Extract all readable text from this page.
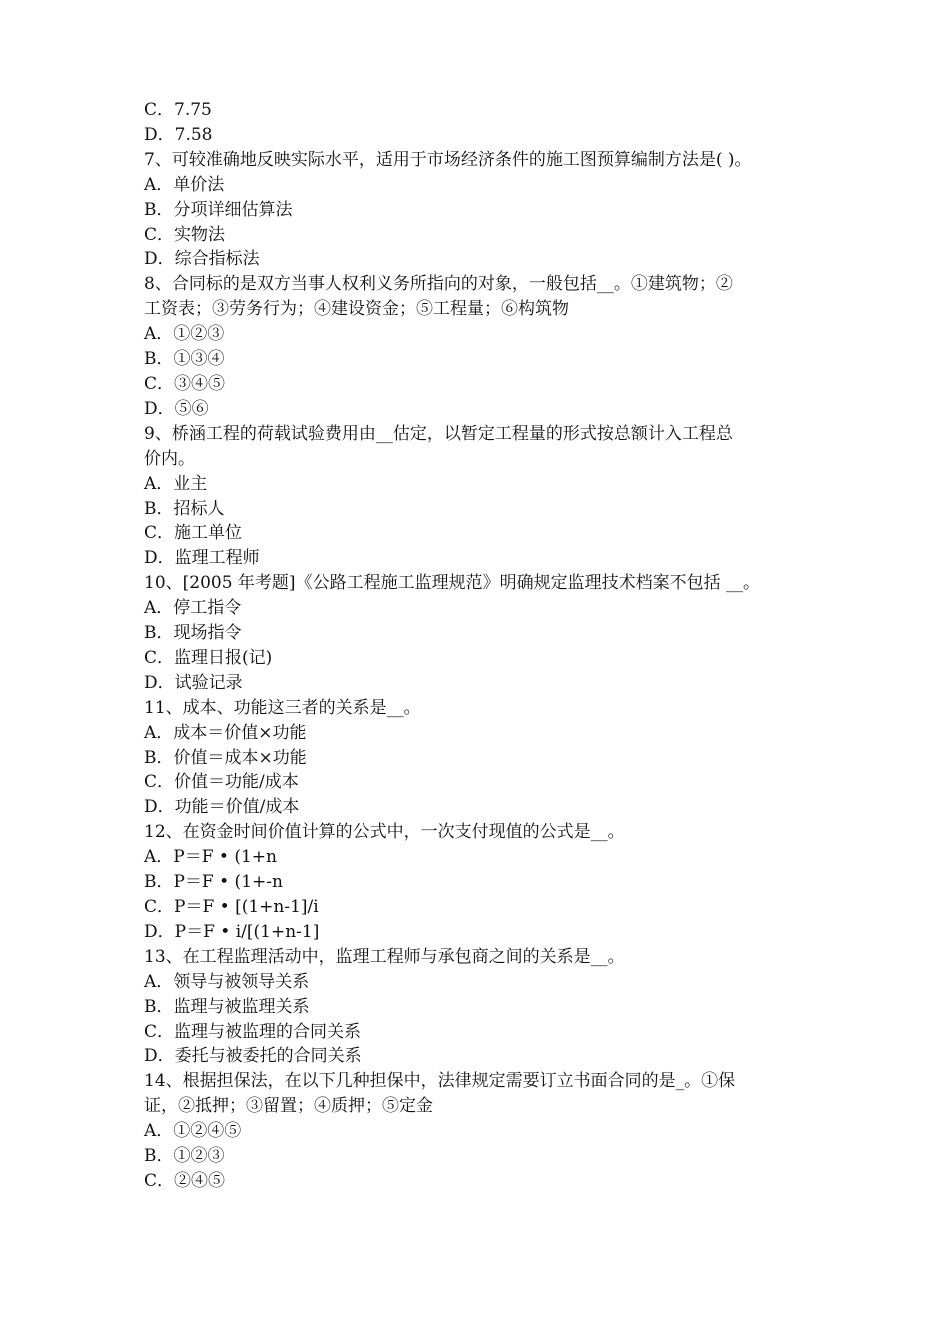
C．7.75
D．7.58
7、可较准确地反映实际水平，适用于市场经济条件的施工图预算编制方法是( )。
A．单价法
B．分项详细估算法
C．实物法
D．综合指标法
8、合同标的是双方当事人权利义务所指向的对象，一般包括__。①建筑物；②
工资表；③劳务行为；④建设资金；⑤工程量；⑥构筑物
A．①②③
B．①③④
C．③④⑤
D．⑤⑥
9、桥涵工程的荷载试验费用由__估定，以暂定工程量的形式按总额计入工程总
价内。
A．业主
B．招标人
C．施工单位
D．监理工程师
10、[2005 年考题]《公路工程施工监理规范》明确规定监理技术档案不包括 __。
A．停工指令
B．现场指令
C．监理日报(记)
D．试验记录
11、成本、功能这三者的关系是__。
A．成本＝价值×功能
B．价值＝成本×功能
C．价值＝功能/成本
D．功能＝价值/成本
12、在资金时间价值计算的公式中，一次支付现值的公式是__。
A．P＝F • (1+n
B．P＝F • (1+-n
C．P＝F • [(1+n-1]/i
D．P＝F • i/[(1+n-1]
13、在工程监理活动中，监理工程师与承包商之间的关系是__。
A．领导与被领导关系
B．监理与被监理关系
C．监理与被监理的合同关系
D．委托与被委托的合同关系
14、根据担保法，在以下几种担保中，法律规定需要订立书面合同的是_。①保
证，②抵押；③留置；④质押；⑤定金
A．①②④⑤
B．①②③
C．②④⑤
